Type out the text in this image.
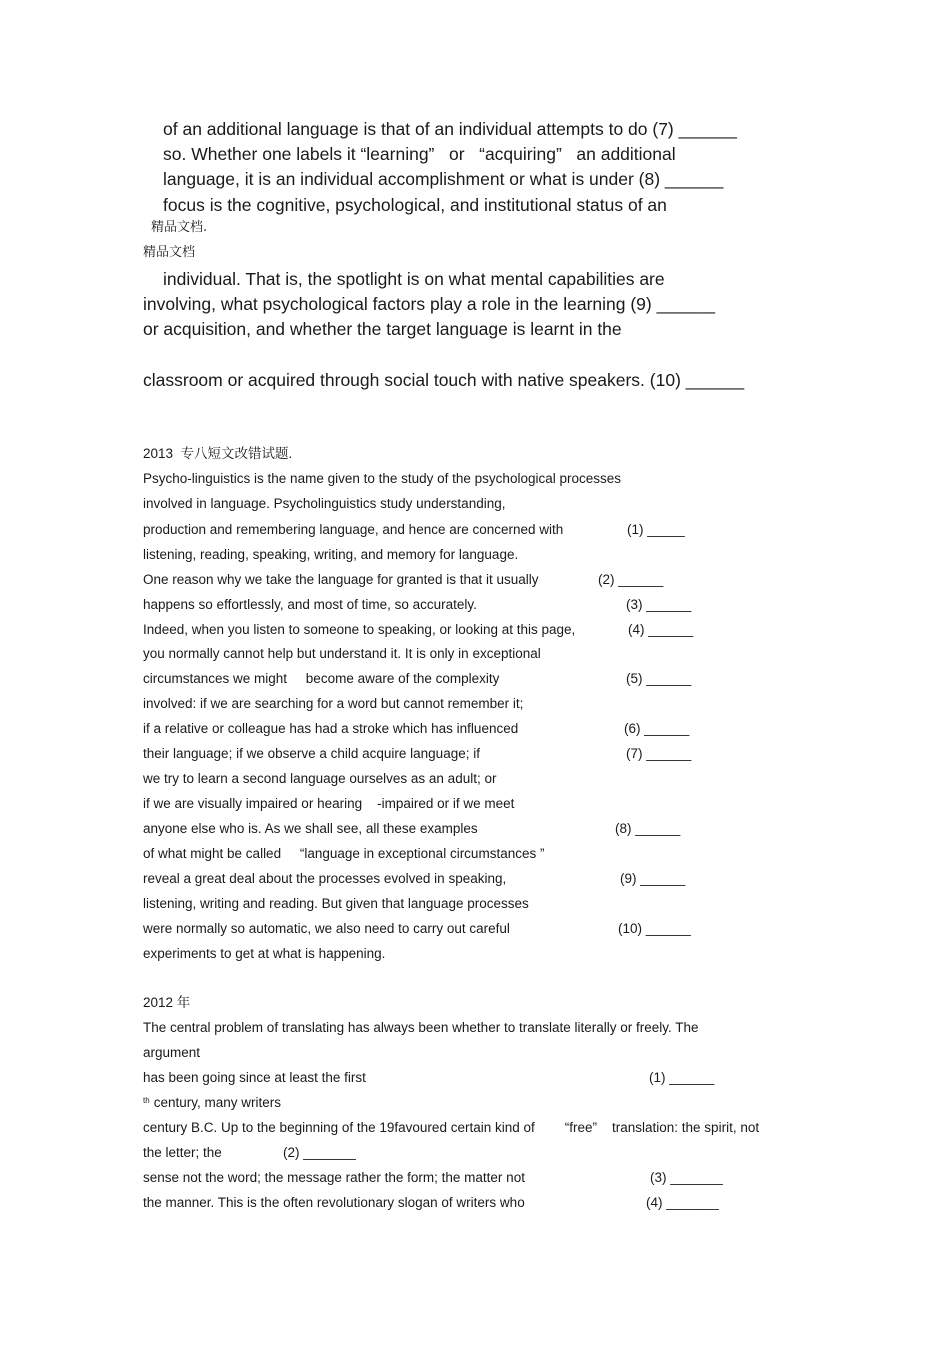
of an additional language is that of an individual attempts to do (7) ______
so. Whether one labels it “learning”   or   “acquiring”   an additional
language, it is an individual accomplishment or what is under (8) ______
focus is the cognitive, psychological, and institutional status of an
精品文档.
精品文档
individual. That is, the spotlight is on what mental capabilities are
involving, what psychological factors play a role in the learning (9) ______
or acquisition, and whether the target language is learnt in the
classroom or acquired through social touch with native speakers. (10) ______
2013  专八短文改错试题.
Psycho-linguistics is the name given to the study of the psychological processes
involved in language. Psycholinguistics study understanding,
production and remembering language, and hence are concerned with	(1) _____
listening, reading, speaking, writing, and memory for language.
One reason why we take the language for granted is that it usually	(2) ______
happens so effortlessly, and most of time, so accurately.	(3) ______
Indeed, when you listen to someone to speaking, or looking at this page,	(4) ______
you normally cannot help but understand it. It is only in exceptional
circumstances we might     become aware of the complexity	(5) ______
involved: if we are searching for a word but cannot remember it;
if a relative or colleague has had a stroke which has influenced	(6) ______
their language; if we observe a child acquire language; if	(7) ______
we try to learn a second language ourselves as an adult; or
if we are visually impaired or hearing    -impaired or if we meet
anyone else who is. As we shall see, all these examples	(8) ______
of what might be called     “language in exceptional circumstances ”
reveal a great deal about the processes evolved in speaking,	(9) ______
listening, writing and reading. But given that language processes
were normally so automatic, we also need to carry out careful	(10) ______
experiments to get at what is happening.
2012 年
The central problem of translating has always been whether to translate literally or freely. The
argument
has been going since at least the first	(1) ______
th century, many writers
century B.C. Up to the beginning of the 19favoured certain kind of        “free”    translation: the spirit, not
the letter; the	(2) _______
sense not the word; the message rather the form; the matter not	(3) _______
the manner. This is the often revolutionary slogan of writers who	(4) _______
